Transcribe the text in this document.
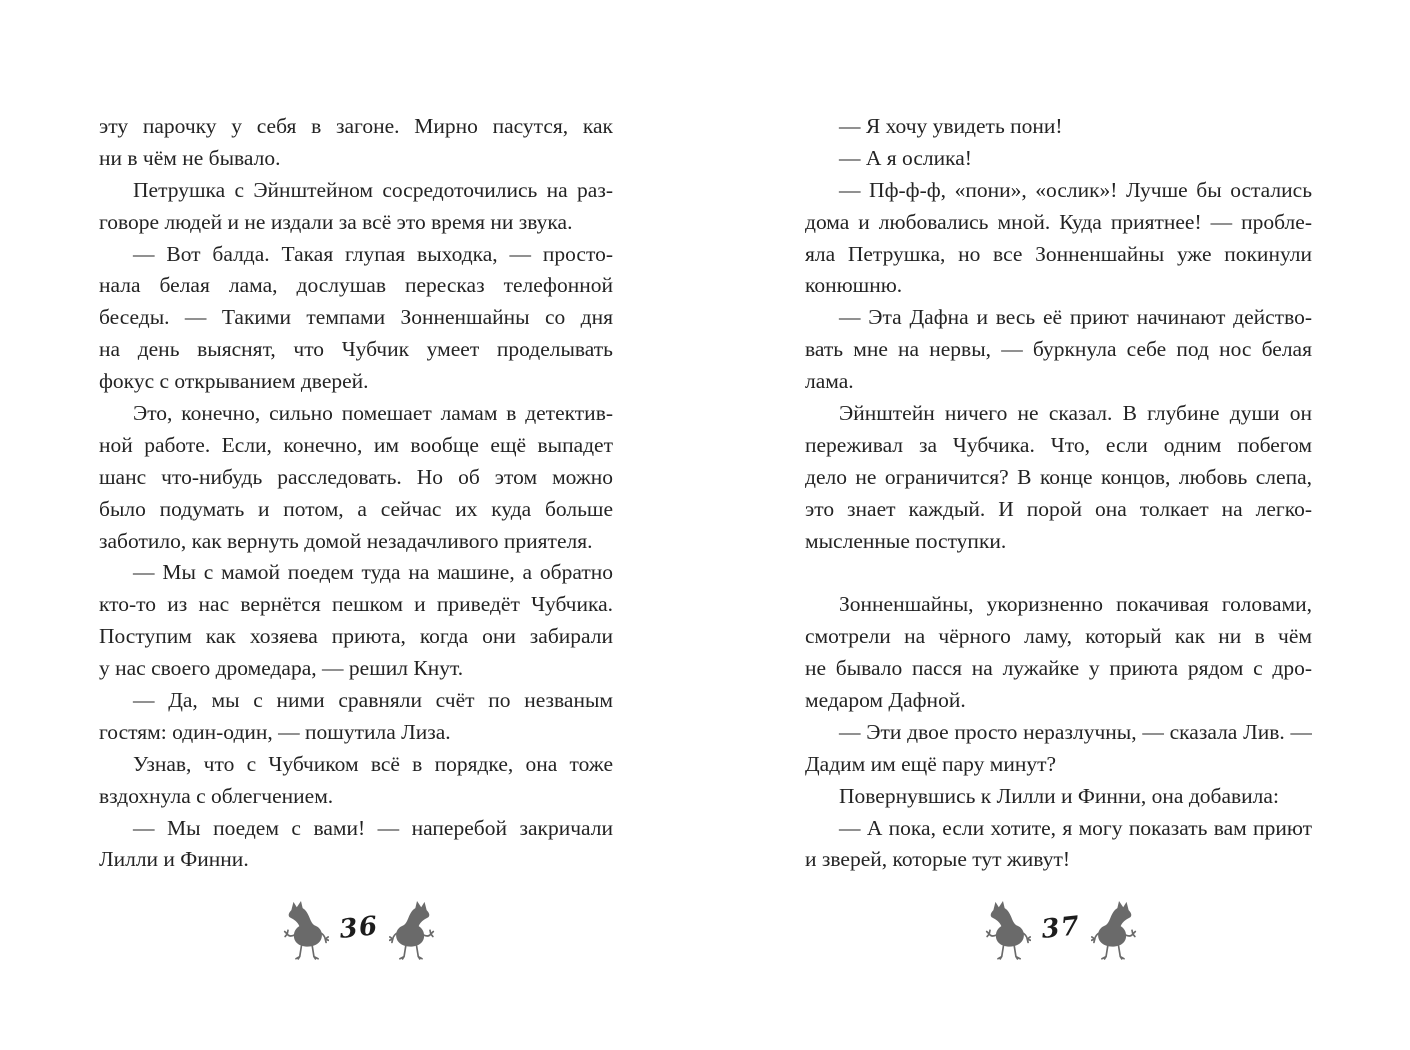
эту парочку у себя в загоне. Мирно пасутся, как
ни в чём не бывало.
Петрушка с Эйнштейном сосредоточились на раз-
говоре людей и не издали за всё это время ни звука.
— Вот балда. Такая глупая выходка, — просто-
нала белая лама, дослушав пересказ телефонной
беседы. — Такими темпами Зонненшайны со дня
на день выяснят, что Чубчик умеет проделывать
фокус с открыванием дверей.
Это, конечно, сильно помешает ламам в детектив-
ной работе. Если, конечно, им вообще ещё выпадет
шанс что-нибудь расследовать. Но об этом можно
было подумать и потом, а сейчас их куда больше
заботило, как вернуть домой незадачливого приятеля.
— Мы с мамой поедем туда на машине, а обратно
кто-то из нас вернётся пешком и приведёт Чубчика.
Поступим как хозяева приюта, когда они забирали
у нас своего дромедара, — решил Кнут.
— Да, мы с ними сравняли счёт по незваным
гостям: один-один, — пошутила Лиза.
Узнав, что с Чубчиком всё в порядке, она тоже
вздохнула с облегчением.
— Мы поедем с вами! — наперебой закричали
Лилли и Финни.
— Я хочу увидеть пони!
— А я ослика!
— Пф-ф-ф, «пони», «ослик»! Лучше бы остались
дома и любовались мной. Куда приятнее! — пробле-
яла Петрушка, но все Зонненшайны уже покинули
конюшню.
— Эта Дафна и весь её приют начинают действо-
вать мне на нервы, — буркнула себе под нос белая
лама.
Эйнштейн ничего не сказал. В глубине души он
переживал за Чубчика. Что, если одним побегом
дело не ограничится? В конце концов, любовь слепа,
это знает каждый. И порой она толкает на легко-
мысленные поступки.
Зонненшайны, укоризненно покачивая головами,
смотрели на чёрного ламу, который как ни в чём
не бывало пасся на лужайке у приюта рядом с дро-
медаром Дафной.
— Эти двое просто неразлучны, — сказала Лив. —
Дадим им ещё пару минут?
Повернувшись к Лилли и Финни, она добавила:
— А пока, если хотите, я могу показать вам приют
и зверей, которые тут живут!
36	37
